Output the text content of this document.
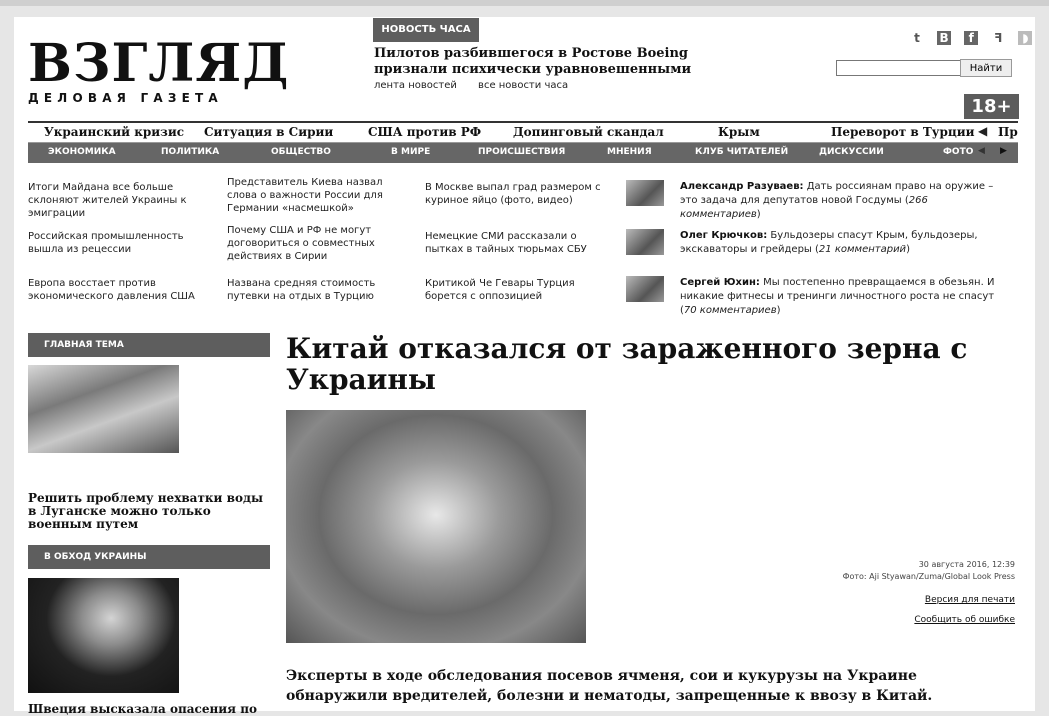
ВЗГЛЯД
ДЕЛОВАЯ ГАЗЕТА
НОВОСТЬ ЧАСА
Пилотов разбившегося в Ростове Boeing признали психически уравновешенными
лента новостей все новости часа
t В f ꟻ ◗
Найти
18+
Украинский кризис Ситуация в Сирии	США против РФ	Допинговый скандал	Крым	Переворот в Турции ◀ Пр
ЭКОНОМИКА	ПОЛИТИКА	ОБЩЕСТВО	В МИРЕ	ПРОИСШЕСТВИЯ	МНЕНИЯ	КЛУБ ЧИТАТЕЛЕЙ	ДИСКУССИИ	ФОТО ◀ ▶
Итоги Майдана все больше склоняют жителей Украины к эмиграции
Российская промышленность вышла из рецессии
Европа восстает против экономического давления США
Представитель Киева назвал слова о важности России для Германии «насмешкой»
Почему США и РФ не могут договориться о совместных действиях в Сирии
Названа средняя стоимость путевки на отдых в Турцию
В Москве выпал град размером с куриное яйцо (фото, видео)
Немецкие СМИ рассказали о пытках в тайных тюрьмах СБУ
Критикой Че Гевары Турция борется с оппозицией
Александр Разуваев: Дать россиянам право на оружие – это задача для депутатов новой Госдумы (266 комментариев)
Олег Крючков: Бульдозеры спасут Крым, бульдозеры, экскаваторы и грейдеры (21 комментарий)
Сергей Юхин: Мы постепенно превращаемся в обезьян. И никакие фитнесы и тренинги личностного роста не спасут (70 комментариев)
ГЛАВНАЯ ТЕМА
Решить проблему нехватки воды в Луганске можно только военным путем
В ОБХОД УКРАИНЫ
Швеция высказала опасения по
Китай отказался от зараженного зерна с Украины
30 августа 2016, 12:39
Фото: Aji Styawan/Zuma/Global Look Press
Версия для печати
Сообщить об ошибке
Эксперты в ходе обследования посевов ячменя, сои и кукурузы на Украине обнаружили вредителей, болезни и нематоды, запрещенные к ввозу в Китай.
